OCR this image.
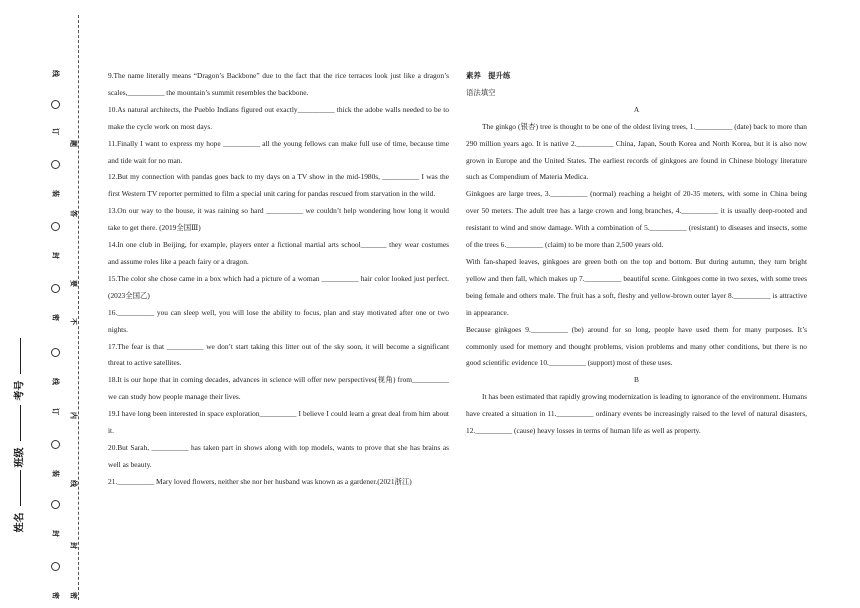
线
订
装
封
密
线
订
装
封
密
题
答
要
不
内
线
封
密
考号
班级
姓名

9.The name literally means “Dragon’s Backbone” due to the fact that the rice terraces look just like a dragon’s scales,__________ the mountain’s summit resembles the backbone.

10.As natural architects, the Pueblo Indians figured out exactly__________ thick the adobe walls needed to be to make the cycle work on most days.

11.Finally I want to express my hope __________ all the young fellows can make full use of time, because time and tide wait for no man.

12.But my connection with pandas goes back to my days on a TV show in the mid-1980s, __________ I was the first Western TV reporter permitted to film a special unit caring for pandas rescued from starvation in the wild.

13.On our way to the house, it was raining so hard __________ we couldn’t help wondering how long it would take to get there. (2019全国Ⅲ)

14.In one club in Beijing, for example, players enter a fictional martial arts school_______ they wear costumes and assume roles like a peach fairy or a dragon.

15.The color she chose came in a box which had a picture of a woman __________ hair color looked just perfect.(2023全国乙)

16.__________ you can sleep well, you will lose the ability to focus, plan and stay motivated after one or two nights.

17.The fear is that __________ we don’t start taking this litter out of the sky soon, it will become a significant threat to active satellites.

18.It is our hope that in coming decades, advances in science will offer new perspectives(视角) from__________ we can study how people manage their lives.

19.I have long been interested in space exploration__________ I believe I could learn a great deal from him about it.

20.But Sarah, __________ has taken part in shows along with top models, wants to prove that she has brains as well as beauty.

21.__________ Mary loved flowers, neither she nor her husband was known as a gardener.(2021浙江)

素养　提升练

语法填空

A

The ginkgo (银杏) tree is thought to be one of the oldest living trees, 1.__________ (date) back to more than 290 million years ago. It is native 2.__________ China, Japan, South Korea and North Korea, but it is also now grown in Europe and the United States. The earliest records of ginkgoes are found in Chinese biology literature such as Compendium of Materia Medica.

Ginkgoes are large trees, 3.__________ (normal) reaching a height of 20-35 meters, with some in China being over 50 meters. The adult tree has a large crown and long branches, 4.__________ it is usually deep-rooted and resistant to wind and snow damage. With a combination of 5.__________ (resistant) to diseases and insects, some of the trees 6.__________ (claim) to be more than 2,500 years old.

With fan-shaped leaves, ginkgoes are green both on the top and bottom. But during autumn, they turn bright yellow and then fall, which makes up 7.__________ beautiful scene. Ginkgoes come in two sexes, with some trees being female and others male. The fruit has a soft, fleshy and yellow-brown outer layer 8.__________ is attractive in appearance.

Because ginkgoes 9.__________ (be) around for so long, people have used them for many purposes. It’s commonly used for memory and thought problems, vision problems and many other conditions, but there is no good scientific evidence 10.__________ (support) most of these uses.

B

It has been estimated that rapidly growing modernization is leading to ignorance of the environment. Humans have created a situation in 11.__________ ordinary events be increasingly raised to the level of natural disasters, 12.__________ (cause) heavy losses in terms of human life as well as property.
